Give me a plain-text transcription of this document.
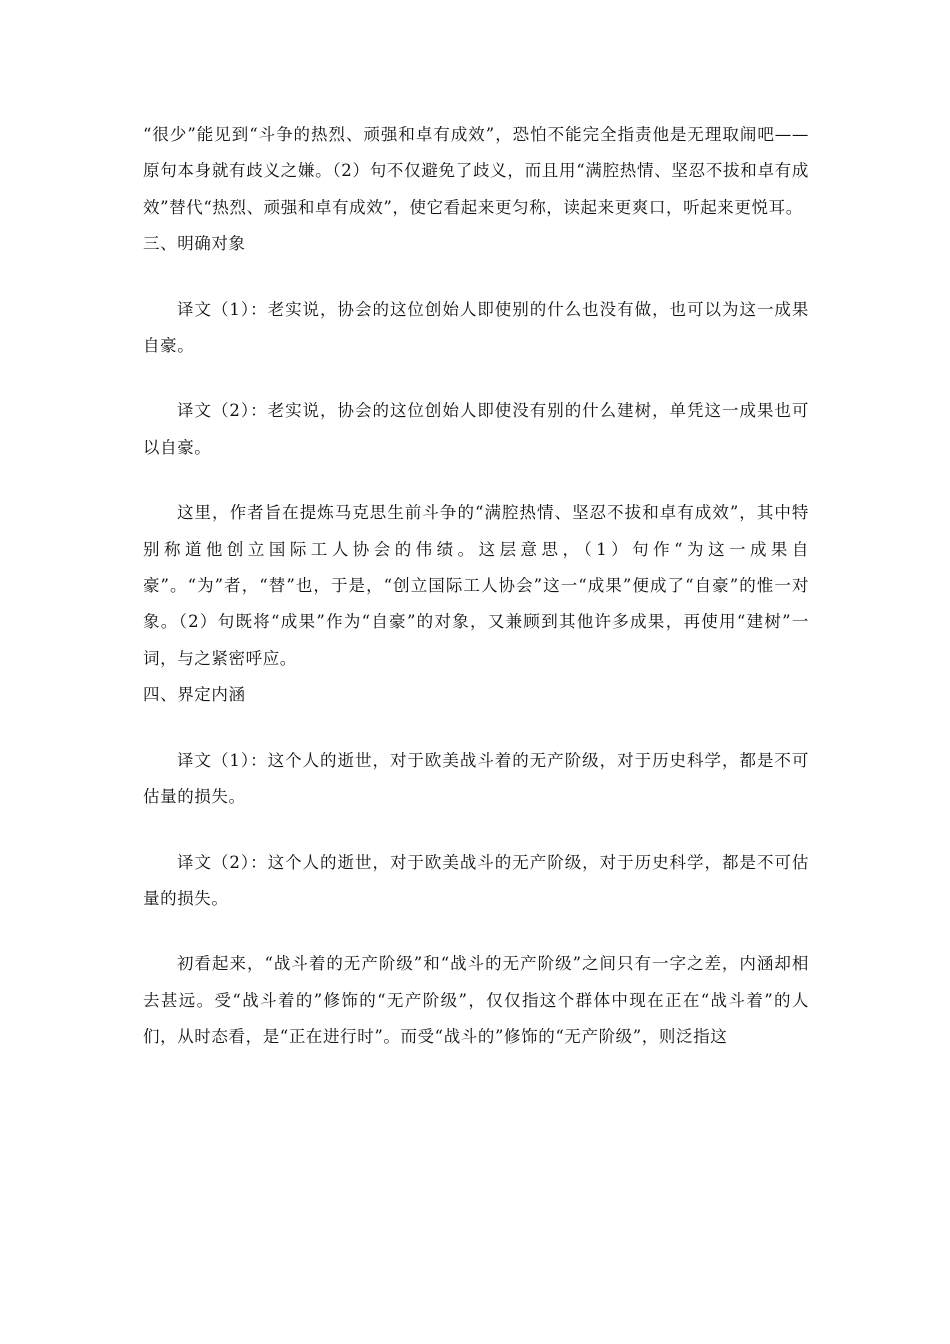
“很少”能见到“斗争的热烈、顽强和卓有成效”，恐怕不能完全指责他是无理取闹吧——原句本身就有歧义之嫌。（2）句不仅避免了歧义，而且用“满腔热情、坚忍不拔和卓有成效”替代“热烈、顽强和卓有成效”，使它看起来更匀称，读起来更爽口，听起来更悦耳。

三、明确对象

译文（1）：老实说，协会的这位创始人即使别的什么也没有做，也可以为这一成果自豪。

译文（2）：老实说，协会的这位创始人即使没有别的什么建树，单凭这一成果也可以自豪。

这里，作者旨在提炼马克思生前斗争的“满腔热情、坚忍不拔和卓有成效”，其中特别称道他创立国际工人协会的伟绩。这层意思，（1）句作“为这一成果自豪”。“为”者，“替”也，于是，“创立国际工人协会”这一“成果”便成了“自豪”的惟一对象。（2）句既将“成果”作为“自豪”的对象，又兼顾到其他许多成果，再使用“建树”一词，与之紧密呼应。

四、界定内涵

译文（1）：这个人的逝世，对于欧美战斗着的无产阶级，对于历史科学，都是不可估量的损失。

译文（2）：这个人的逝世，对于欧美战斗的无产阶级，对于历史科学，都是不可估量的损失。

初看起来，“战斗着的无产阶级”和“战斗的无产阶级”之间只有一字之差，内涵却相去甚远。受“战斗着的”修饰的“无产阶级”，仅仅指这个群体中现在正在“战斗着”的人们，从时态看，是“正在进行时”。而受“战斗的”修饰的“无产阶级”，则泛指这
